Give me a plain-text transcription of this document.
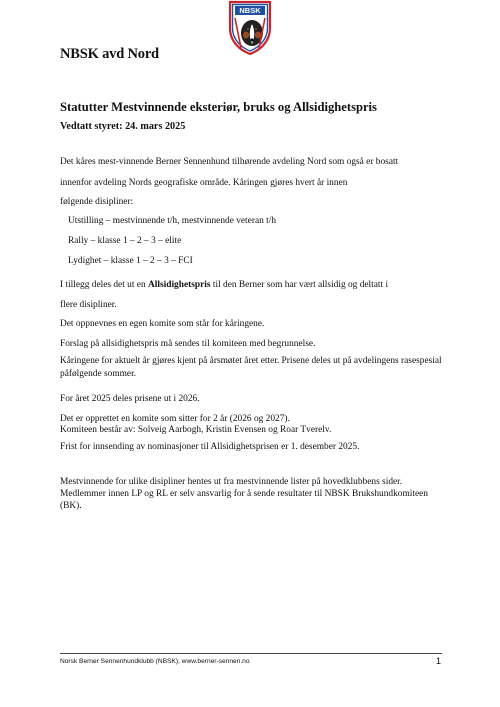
NBSK
NBSK avd Nord
Statutter Mestvinnende eksteriør, bruks og Allsidighetspris
Vedtatt styret: 24. mars 2025
Det kåres mest-vinnende Berner Sennenhund tilhørende avdeling Nord som også er bosatt
innenfor avdeling Nords geografiske område. Kåringen gjøres hvert år innen
følgende disipliner:
Utstilling – mestvinnende t/h, mestvinnende veteran t/h
Rally – klasse 1 – 2 – 3 – elite
Lydighet – klasse 1 – 2 – 3 – FCI
I tillegg deles det ut en Allsidighetspris til den Berner som har vært allsidig og deltatt i
flere disipliner.
Det oppnevnes en egen komite som står for kåringene.
Forslag på allsidighetspris må sendes til komiteen med begrunnelse.
Kåringene for aktuelt år gjøres kjent på årsmøtet året etter. Prisene deles ut på avdelingens rasespesial
påfølgende sommer.
For året 2025 deles prisene ut i 2026.
Det er opprettet en komite som sitter for 2 år (2026 og 2027).
Komiteen består av: Solveig Aarbogh, Kristin Evensen og Roar Tverelv.
Frist for innsending av nominasjoner til Allsidighetsprisen er 1. desember 2025.
Mestvinnende for ulike disipliner hentes ut fra mestvinnende lister på hovedklubbens sider.
Medlemmer innen LP og RL er selv ansvarlig for å sende resultater til NBSK Brukshundkomiteen
(BK).
Norsk Berner Sennenhundklubb (NBSK); www.berner-sennen.no	1
